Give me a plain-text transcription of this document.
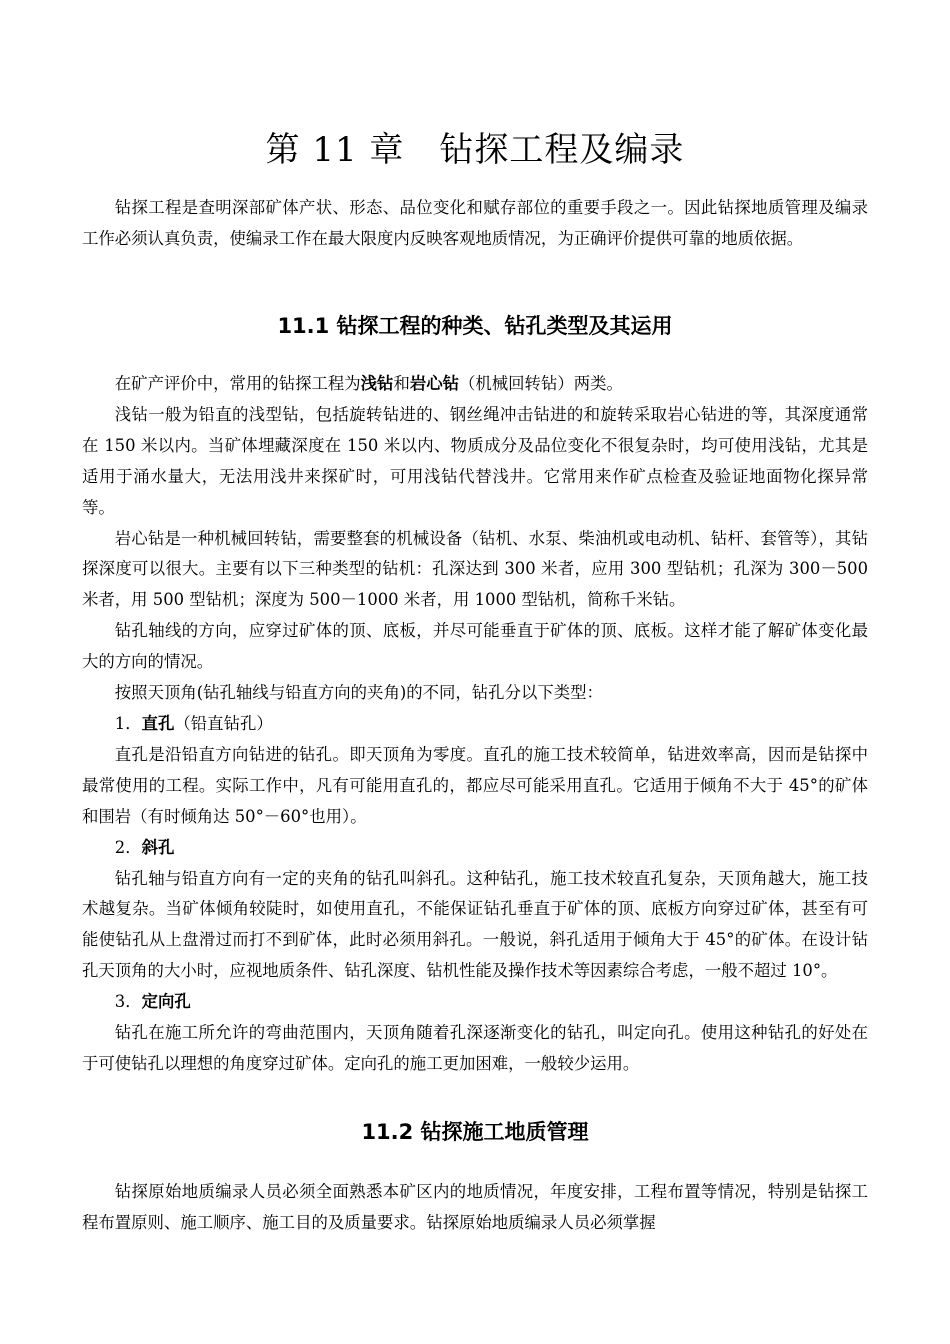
第 11 章　钻探工程及编录

钻探工程是查明深部矿体产状、形态、品位变化和赋存部位的重要手段之一。因此钻探地质管理及编录工作必须认真负责，使编录工作在最大限度内反映客观地质情况，为正确评价提供可靠的地质依据。

11.1 钻探工程的种类、钻孔类型及其运用

在矿产评价中，常用的钻探工程为浅钻和岩心钻（机械回转钻）两类。

浅钻一般为铅直的浅型钻，包括旋转钻进的、钢丝绳冲击钻进的和旋转采取岩心钻进的等，其深度通常在 150 米以内。当矿体埋藏深度在 150 米以内、物质成分及品位变化不很复杂时，均可使用浅钻，尤其是适用于涌水量大，无法用浅井来探矿时，可用浅钻代替浅井。它常用来作矿点检查及验证地面物化探异常等。

岩心钻是一种机械回转钻，需要整套的机械设备（钻机、水泵、柴油机或电动机、钻杆、套管等），其钻探深度可以很大。主要有以下三种类型的钻机：孔深达到 300 米者，应用 300 型钻机；孔深为 300－500 米者，用 500 型钻机；深度为 500－1000 米者，用 1000 型钻机，简称千米钻。

钻孔轴线的方向，应穿过矿体的顶、底板，并尽可能垂直于矿体的顶、底板。这样才能了解矿体变化最大的方向的情况。

按照天顶角(钻孔轴线与铅直方向的夹角)的不同，钻孔分以下类型：

1．直孔（铅直钻孔）

直孔是沿铅直方向钻进的钻孔。即天顶角为零度。直孔的施工技术较简单，钻进效率高，因而是钻探中最常使用的工程。实际工作中，凡有可能用直孔的，都应尽可能采用直孔。它适用于倾角不大于 45°的矿体和围岩（有时倾角达 50°－60°也用）。

2．斜孔

钻孔轴与铅直方向有一定的夹角的钻孔叫斜孔。这种钻孔，施工技术较直孔复杂，天顶角越大，施工技术越复杂。当矿体倾角较陡时，如使用直孔，不能保证钻孔垂直于矿体的顶、底板方向穿过矿体，甚至有可能使钻孔从上盘滑过而打不到矿体，此时必须用斜孔。一般说，斜孔适用于倾角大于 45°的矿体。在设计钻孔天顶角的大小时，应视地质条件、钻孔深度、钻机性能及操作技术等因素综合考虑，一般不超过 10°。

3．定向孔

钻孔在施工所允许的弯曲范围内，天顶角随着孔深逐渐变化的钻孔，叫定向孔。使用这种钻孔的好处在于可使钻孔以理想的角度穿过矿体。定向孔的施工更加困难，一般较少运用。

11.2 钻探施工地质管理

钻探原始地质编录人员必须全面熟悉本矿区内的地质情况，年度安排，工程布置等情况，特别是钻探工程布置原则、施工顺序、施工目的及质量要求。钻探原始地质编录人员必须掌握
